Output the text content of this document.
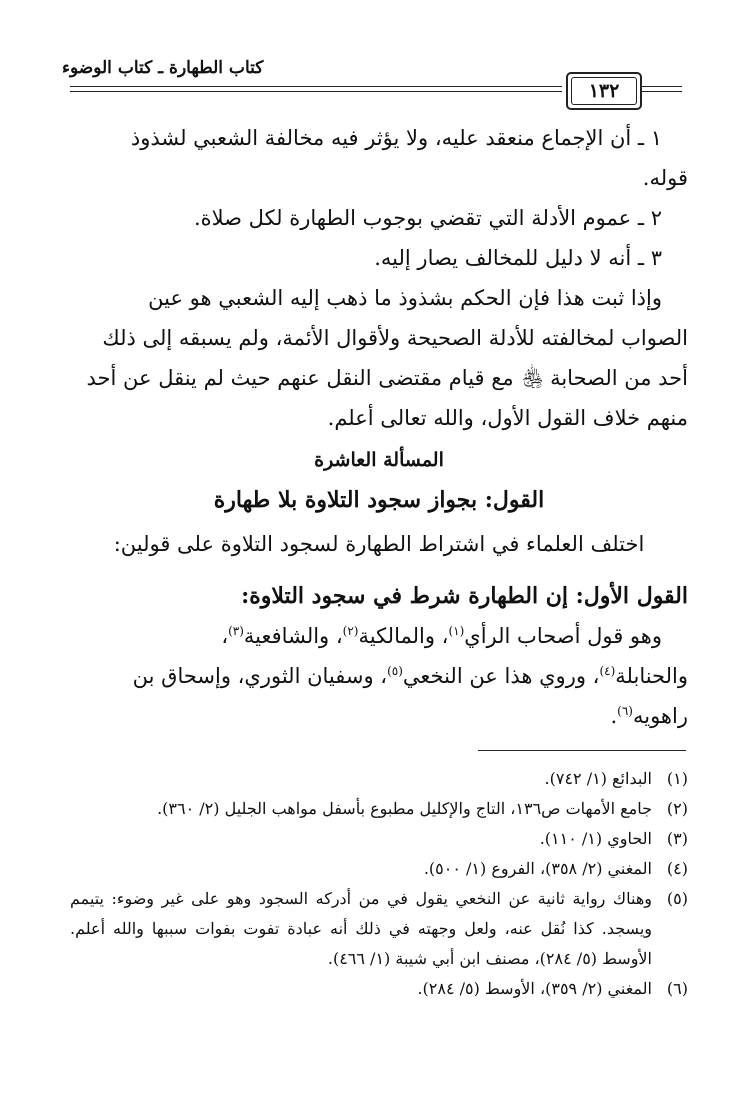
كتاب الطهارة ـ كتاب الوضوء
١٣٢

١ ـ أن الإجماع منعقد عليه، ولا يؤثر فيه مخالفة الشعبي لشذوذ

قوله.

٢ ـ عموم الأدلة التي تقضي بوجوب الطهارة لكل صلاة.

٣ ـ أنه لا دليل للمخالف يصار إليه.

وإذا ثبت هذا فإن الحكم بشذوذ ما ذهب إليه الشعبي هو عين

الصواب لمخالفته للأدلة الصحيحة ولأقوال الأئمة، ولم يسبقه إلى ذلك

أحد من الصحابة ﵃ مع قيام مقتضى النقل عنهم حيث لم ينقل عن أحد

منهم خلاف القول الأول، والله تعالى أعلم.

المسألة العاشرة

القول: بجواز سجود التلاوة بلا طهارة

اختلف العلماء في اشتراط الطهارة لسجود التلاوة على قولين:

القول الأول: إن الطهارة شرط في سجود التلاوة:

وهو قول أصحاب الرأي$^{(١)}$، والمالكية$^{(٢)}$، والشافعية$^{(٣)}$،

والحنابلة$^{(٤)}$، وروي هذا عن النخعي$^{(٥)}$، وسفيان الثوري، وإسحاق بن

راهويه$^{(٦)}$.

(١)
البدائع (١/ ٧٤٢).
(٢)
جامع الأمهات ص١٣٦، التاج والإكليل مطبوع بأسفل مواهب الجليل (٢/ ٣٦٠).
(٣)
الحاوي (١/ ١١٠).
(٤)
المغني (٢/ ٣٥٨)، الفروع (١/ ٥٠٠).
(٥)
وهناك رواية ثانية عن النخعي يقول في من أدركه السجود وهو على غير وضوء: يتيمم ويسجد. كذا نُقل عنه، ولعل وجهته في ذلك أنه عبادة تفوت بفوات سببها والله أعلم. الأوسط (٥/ ٢٨٤)، مصنف ابن أبي شيبة (١/ ٤٦٦).
(٦)
المغني (٢/ ٣٥٩)، الأوسط (٥/ ٢٨٤).
